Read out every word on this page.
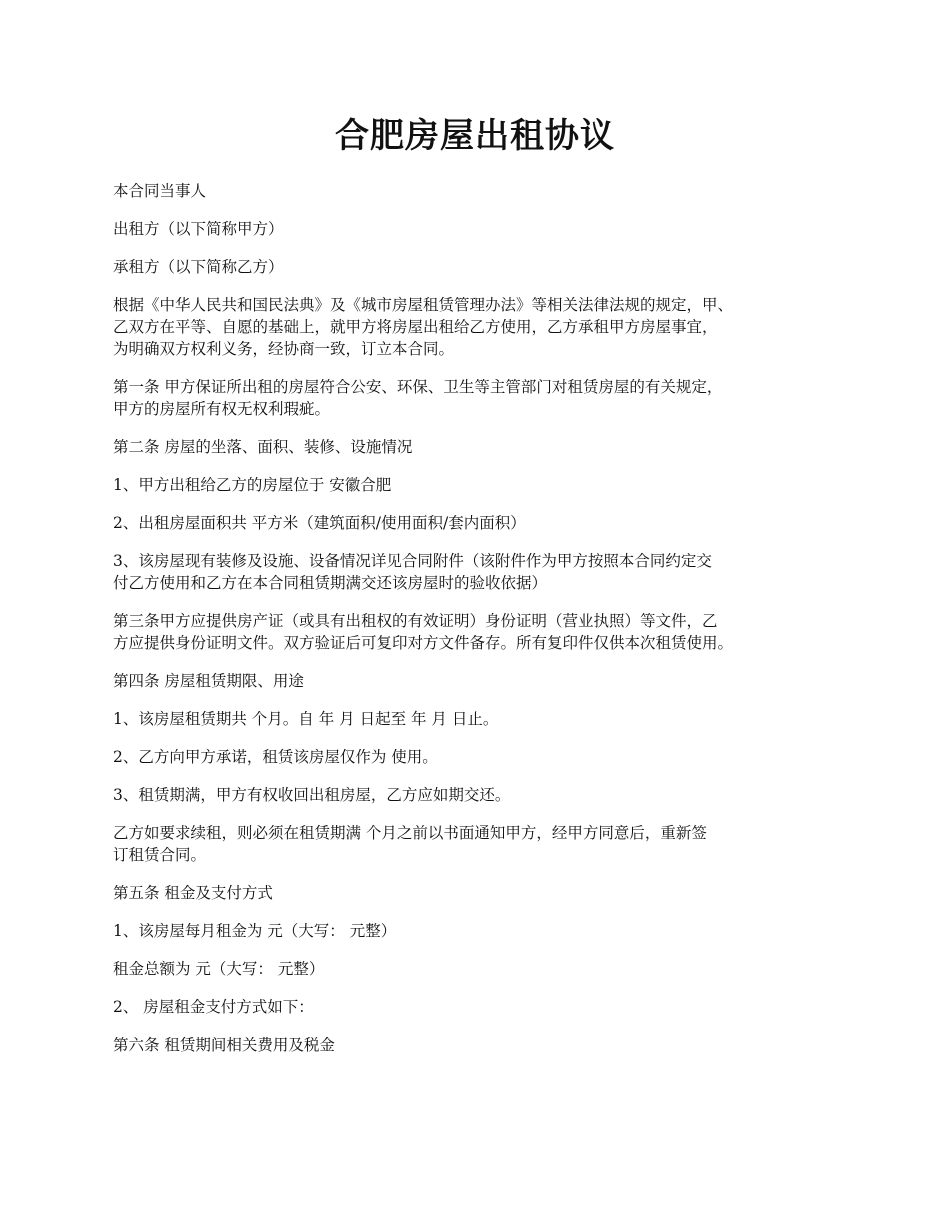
合肥房屋出租协议

本合同当事人

出租方（以下简称甲方）

承租方（以下简称乙方）

根据《中华人民共和国民法典》及《城市房屋租赁管理办法》等相关法律法规的规定，甲、
乙双方在平等、自愿的基础上，就甲方将房屋出租给乙方使用，乙方承租甲方房屋事宜，
为明确双方权利义务，经协商一致，订立本合同。

第一条 甲方保证所出租的房屋符合公安、环保、卫生等主管部门对租赁房屋的有关规定，
甲方的房屋所有权无权利瑕疵。

第二条 房屋的坐落、面积、装修、设施情况

1、甲方出租给乙方的房屋位于 安徽合肥

2、出租房屋面积共 平方米（建筑面积/使用面积/套内面积）

3、该房屋现有装修及设施、设备情况详见合同附件（该附件作为甲方按照本合同约定交
付乙方使用和乙方在本合同租赁期满交还该房屋时的验收依据）

第三条甲方应提供房产证（或具有出租权的有效证明）身份证明（营业执照）等文件，乙
方应提供身份证明文件。双方验证后可复印对方文件备存。所有复印件仅供本次租赁使用。

第四条 房屋租赁期限、用途

1、该房屋租赁期共 个月。自 年 月 日起至 年 月 日止。

2、乙方向甲方承诺，租赁该房屋仅作为 使用。

3、租赁期满，甲方有权收回出租房屋，乙方应如期交还。

乙方如要求续租，则必须在租赁期满 个月之前以书面通知甲方，经甲方同意后，重新签
订租赁合同。

第五条 租金及支付方式

1、该房屋每月租金为 元（大写： 元整）

租金总额为 元（大写： 元整）

2、 房屋租金支付方式如下：

第六条 租赁期间相关费用及税金
